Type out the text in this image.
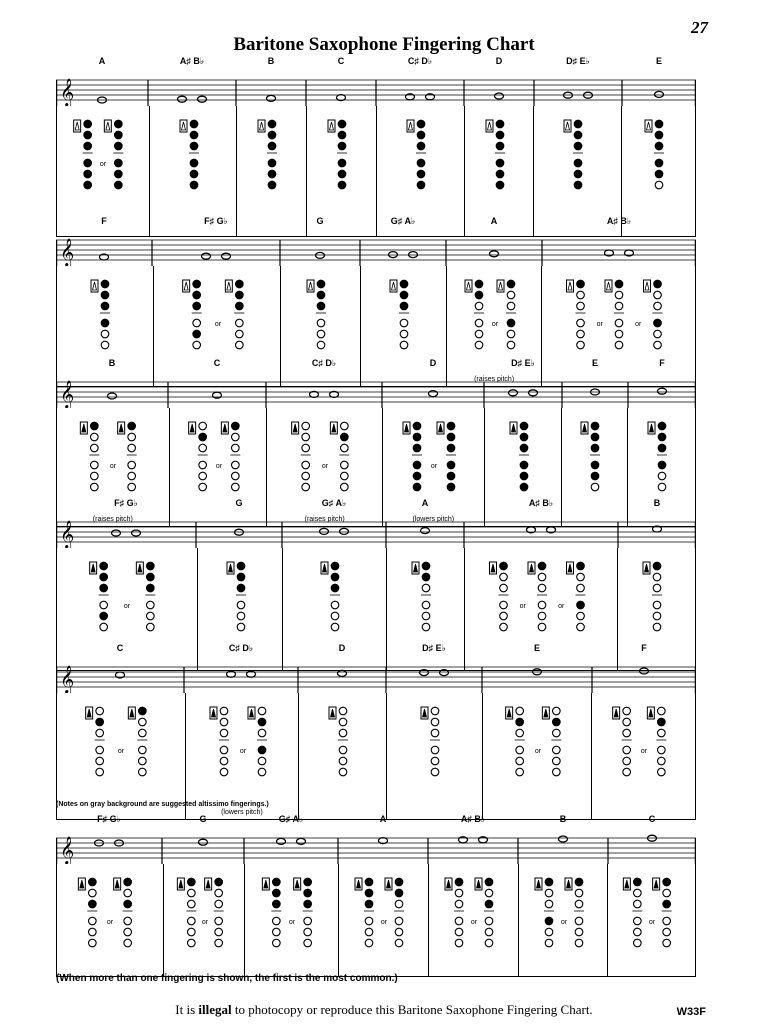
27
Baritone Saxophone Fingering Chart
A	A♯ B♭	B	C	C♯ D♭	D	D♯ E♭	E
𝄞
or
F	F♯ G♭	G	G♯ A♭	A	A♯ B♭
𝄞
or	or
(raises pitch)
or	or
B	C	C♯ D♭	D	D♯ E♭	E	F
𝄞
or
(raises pitch)
or	or
(raises pitch)
or
(lowers pitch)
F♯ G♭	G	G♯ A♭	A	A♯ B♭	B
𝄞
or	or	or
C	C♯ D♭	D	D♯ E♭	E	F
𝄞
or	or
(lowers pitch)
or	or
F♯ G♭	G	G♯ A♭	A	A♯ B♭	B	C
𝄞
or	or	or	or	or	or	or
(Notes on gray background are suggested altissimo fingerings.)
(When more than one fingering is shown, the first is the most common.)
It is illegal to photocopy or reproduce this Baritone Saxophone Fingering Chart.	W33F
